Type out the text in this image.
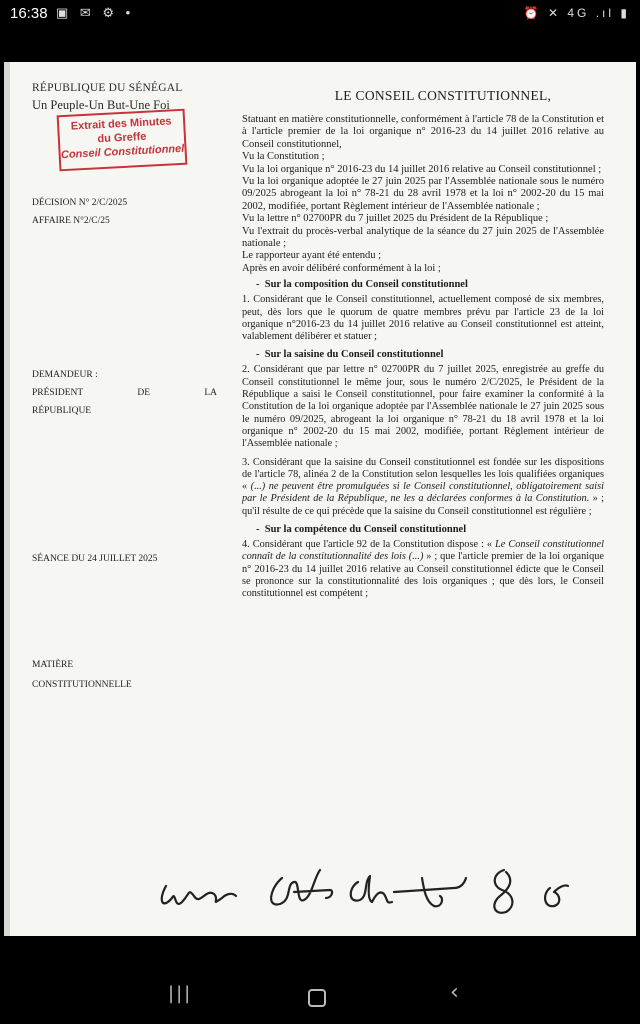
16:38 ▣ ✉ ⚙ •	⏰ ✕ 4G .ıl ▮
RÉPUBLIQUE DU SÉNÉGAL
Un Peuple-Un But-Une Foi
Extrait des Minutes
du Greffe
Conseil Constitutionnel
DÉCISION N° 2/C/2025
AFFAIRE N°2/C/25
DEMANDEUR :
PRÉSIDENT	DE	LA
RÉPUBLIQUE
SÉANCE DU 24 JUILLET 2025
MATIÈRE
CONSTITUTIONNELLE
LE CONSEIL CONSTITUTIONNEL,

Statuant en matière constitutionnelle, conformément à l'article 78 de la Constitution et à l'article premier de la loi organique n° 2016-23 du 14 juillet 2016 relative au Conseil constitutionnel,

Vu la Constitution ;

Vu la loi organique n° 2016-23 du 14 juillet 2016 relative au Conseil constitutionnel ;

Vu la loi organique adoptée le 27 juin 2025 par l'Assemblée nationale sous le numéro 09/2025 abrogeant la loi n° 78-21 du 28 avril 1978 et la loi n° 2002-20 du 15 mai 2002, modifiée, portant Règlement intérieur de l'Assemblée nationale ;

Vu la lettre n° 02700PR du 7 juillet 2025 du Président de la République ;

Vu l'extrait du procès-verbal analytique de la séance du 27 juin 2025 de l'Assemblée nationale ;

Le rapporteur ayant été entendu ;

Après en avoir délibéré conformément à la loi ;

-  Sur la composition du Conseil constitutionnel

1. Considérant que le Conseil constitutionnel, actuellement composé de six membres, peut, dès lors que le quorum de quatre membres prévu par l'article 23 de la loi organique n°2016-23 du 14 juillet 2016 relative au Conseil constitutionnel est atteint, valablement délibérer et statuer ;

-  Sur la saisine du Conseil constitutionnel

2. Considérant que par lettre n° 02700PR du 7 juillet 2025, enregistrée au greffe du Conseil constitutionnel le même jour, sous le numéro 2/C/2025, le Président de la République a saisi le Conseil constitutionnel, pour faire examiner la conformité à la Constitution de la loi organique adoptée par l'Assemblée nationale le 27 juin 2025 sous le numéro 09/2025, abrogeant la loi organique n° 78-21 du 18 avril 1978 et la loi organique n° 2002-20 du 15 mai 2002, modifiée, portant Règlement intérieur de l'Assemblée nationale ;

3. Considérant que la saisine du Conseil constitutionnel est fondée sur les dispositions de l'article 78, alinéa 2 de la Constitution selon lesquelles les lois qualifiées organiques « (...) ne peuvent être promulguées si le Conseil constitutionnel, obligatoirement saisi par le Président de la République, ne les a déclarées conformes à la Constitution. » ; qu'il résulte de ce qui précède que la saisine du Conseil constitutionnel est régulière ;

-  Sur la compétence du Conseil constitutionnel

4. Considérant que l'article 92 de la Constitution dispose : « Le Conseil constitutionnel connaît de la constitutionnalité des lois (...) » ; que l'article premier de la loi organique n° 2016-23 du 14 juillet 2016 relative au Conseil constitutionnel édicte que le Conseil se prononce sur la constitutionnalité des lois organiques ; que dès lors, le Conseil constitutionnel est compétent ;

|||	‹
